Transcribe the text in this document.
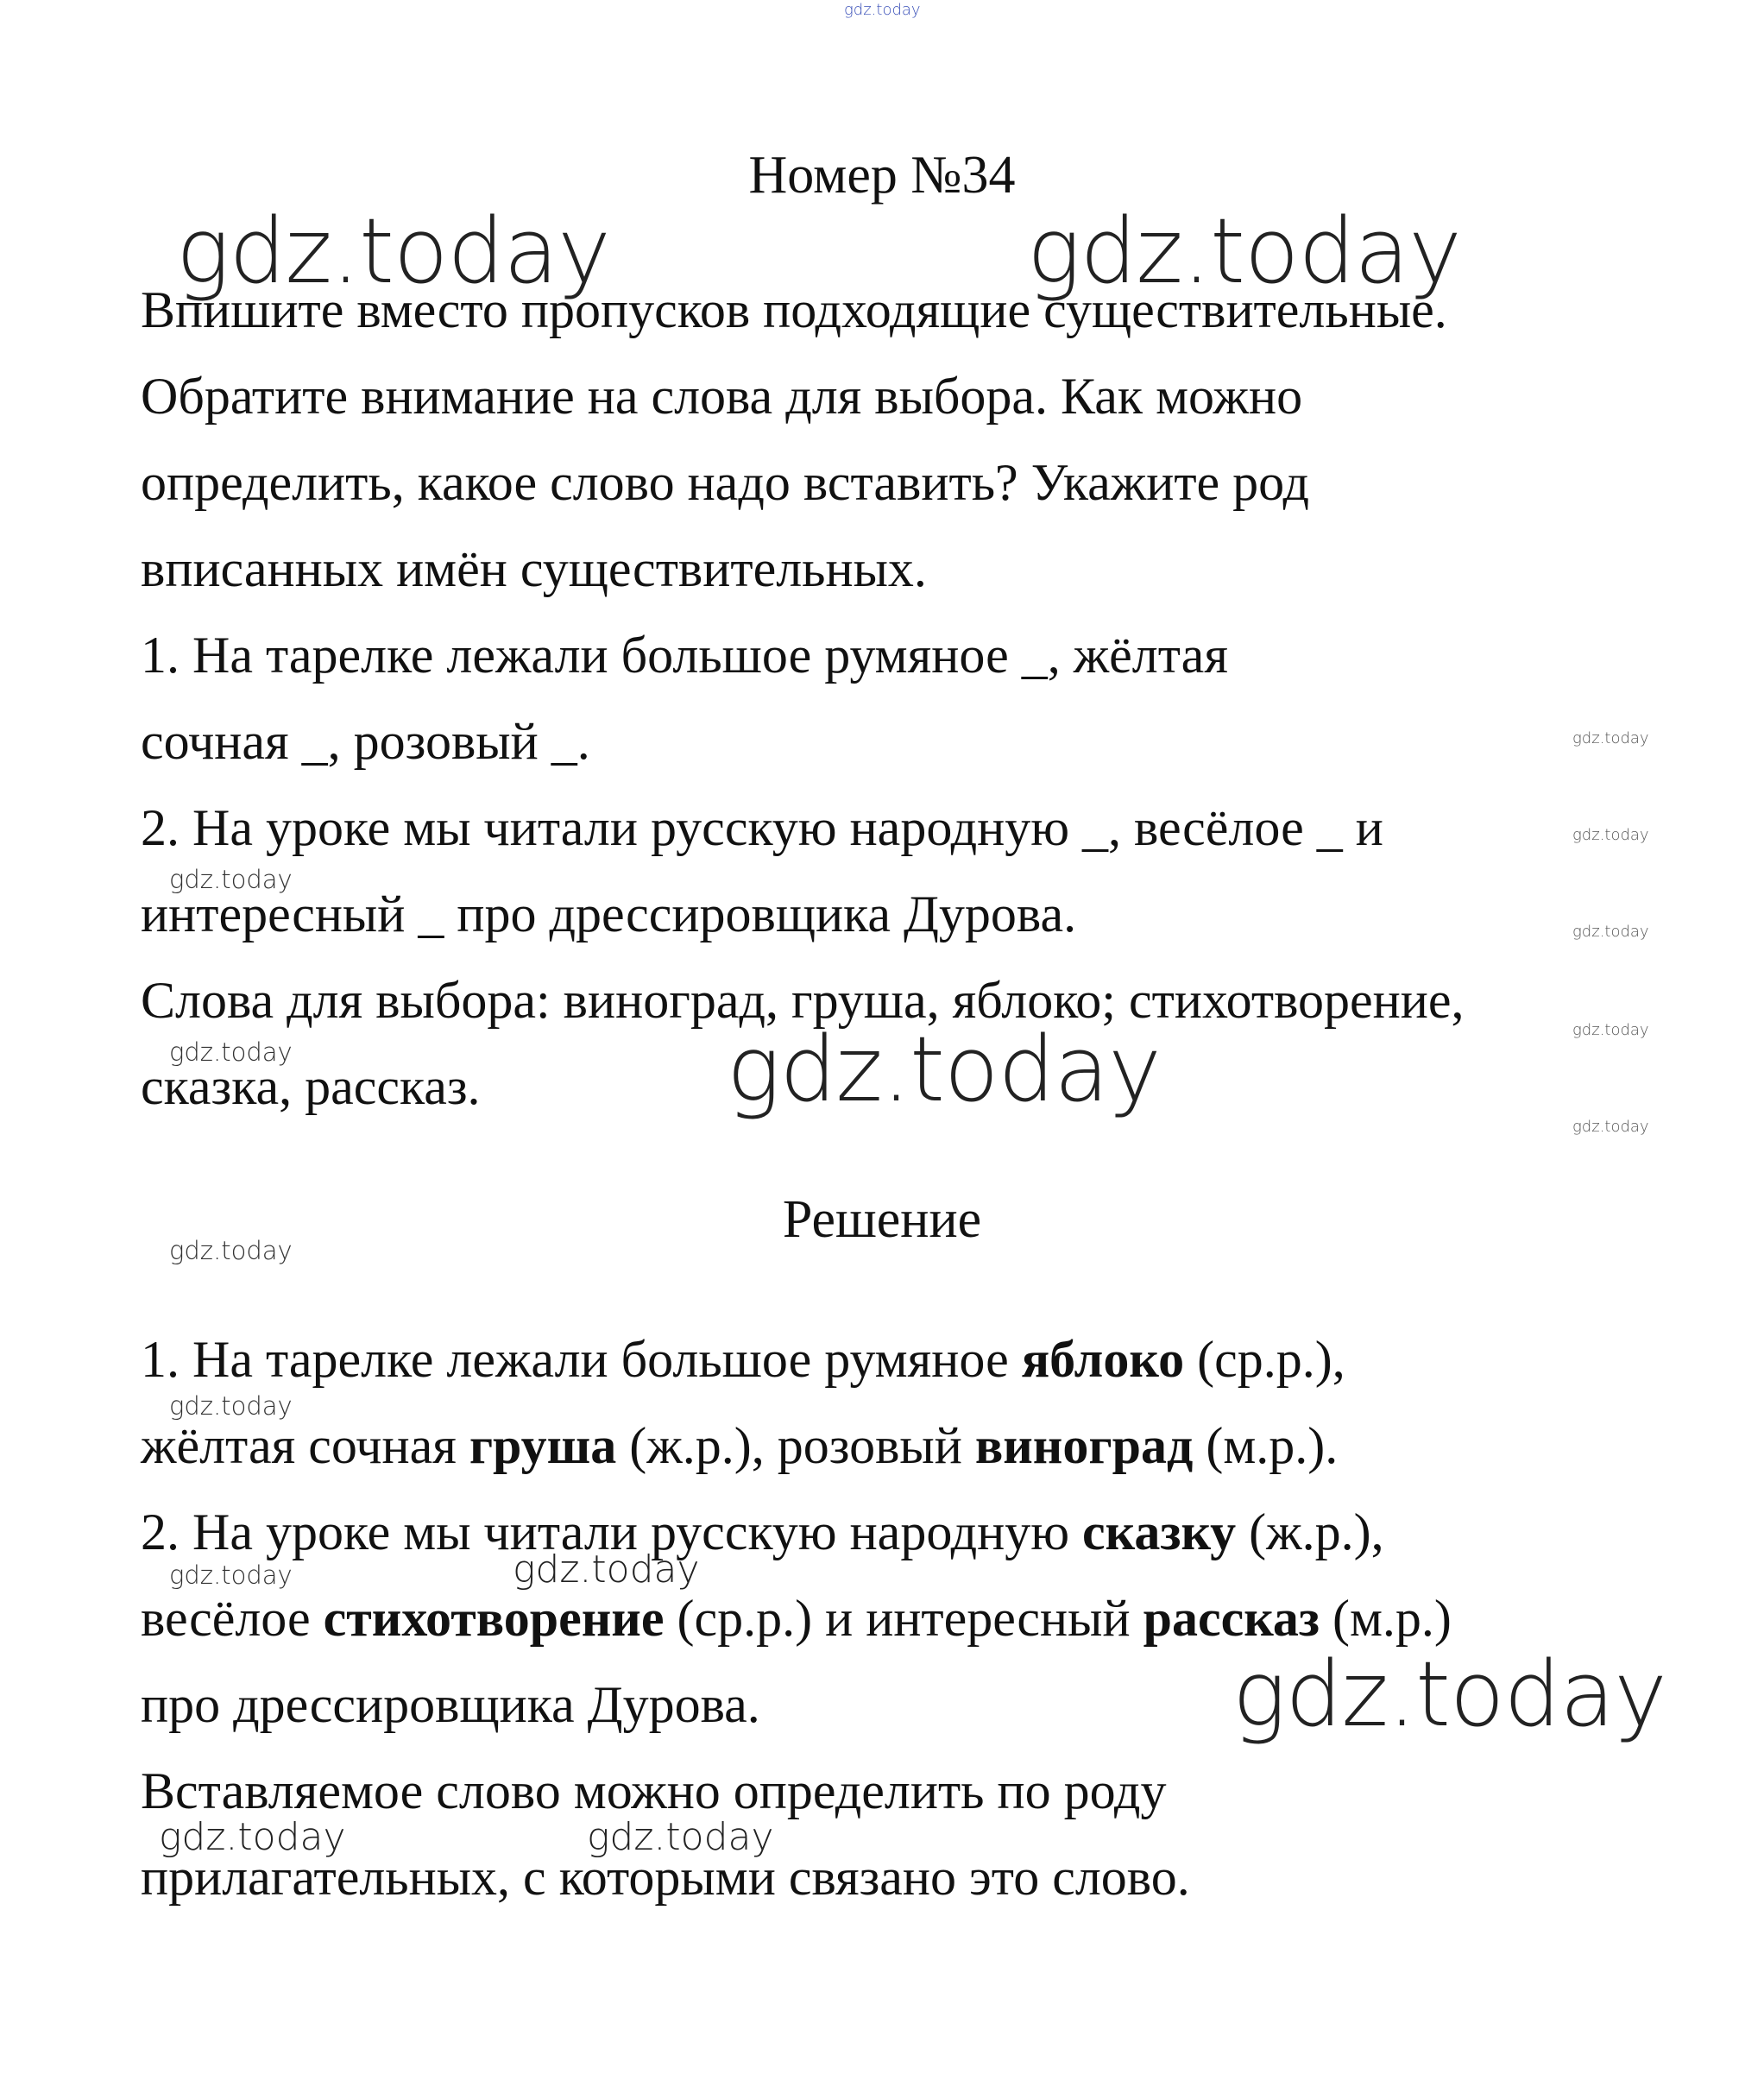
gdz.today
Номер №34
gdz.today	gdz.today

Впишите вместо пропусков подходящие существительные.

Обратите внимание на слова для выбора. Как можно

определить, какое слово надо вставить? Укажите род

вписанных имён существительных.

1. На тарелке лежали большое румяное _, жёлтая

сочная _, розовый _.

2. На уроке мы читали русскую народную _, весёлое _ и

интересный _ про дрессировщика Дурова.

Слова для выбора: виноград, груша, яблоко; стихотворение,

сказка, рассказ.

gdz.today
gdz.today
gdz.today
gdz.today
gdz.today
gdz.today
gdz.today	gdz.today
Решение
gdz.today

1. На тарелке лежали большое румяное яблоко (ср.р.),

gdz.today

жёлтая сочная груша (ж.р.), розовый виноград (м.р.).

2. На уроке мы читали русскую народную сказку (ж.р.),

gdz.today	gdz.today

весёлое стихотворение (ср.р.) и интересный рассказ (м.р.)

gdz.today

про дрессировщика Дурова.

Вставляемое слово можно определить по роду

gdz.today	gdz.today

прилагательных, с которыми связано это слово.
